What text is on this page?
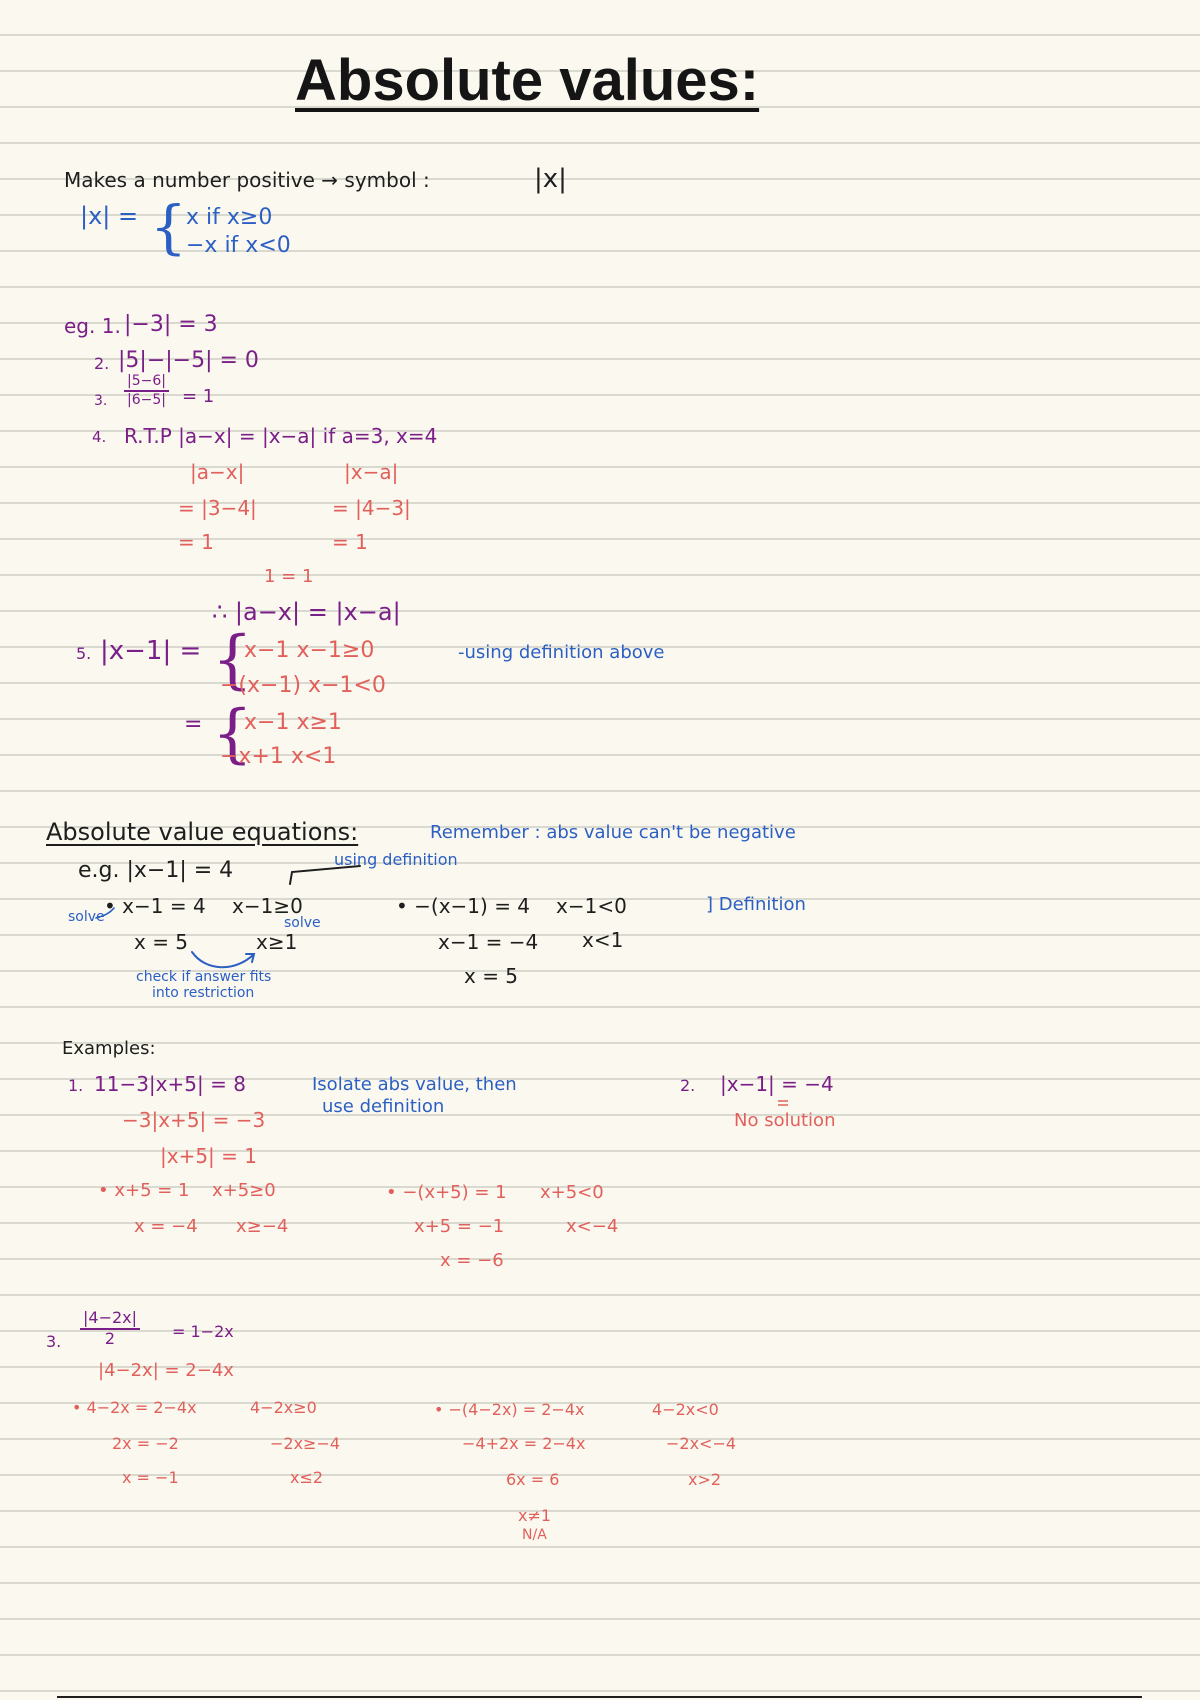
Absolute values:
Makes a number positive → symbol :	|x|
|x| = { x if x≥0
−x if x<0
eg. 1. |−3| = 3
2. |5|−|−5| = 0
3. $\frac{|5-6|}{|6-5|} = 1$
4. R.T.P |a−x| = |x−a| if a=3, x=4
|a−x|
= |3−4|
= 1
|x−a|
= |4−3|
= 1
1 = 1
∴ |a−x| = |x−a|
5. |x−1| = {
x−1 x−1≥0
−(x−1) x−1<0
-using definition above
= {
x−1 x≥1
−x+1 x<1
Absolute value equations:	Remember : abs value can't be negative
e.g. |x−1| = 4	using definition
solve • x−1 = 4 x−1≥0
solve
x = 5	x≥1
check if answer fits
into restriction
• −(x−1) = 4 x−1<0	] Definition
x−1 = −4 x<1
x = 5
Examples:
1. 11−3|x+5| = 8	Isolate abs value, then
use definition
−3|x+5| = −3
|x+5| = 1
• x+5 = 1 x+5≥0
x = −4 x≥−4
• −(x+5) = 1 x+5<0
x+5 = −1	x<−4
x = −6
2. |x−1| = −4
No solution
3. $\frac{|4-2x|}{2} = 1-2x$
|4−2x| = 2−4x
• 4−2x = 2−4x	4−2x≥0
2x = −2	−2x≥−4
x = −1	x≤2
• −(4−2x) = 2−4x	4−2x<0
−4+2x = 2−4x	−2x<−4
6x = 6	x>2
x≠1
N/A
